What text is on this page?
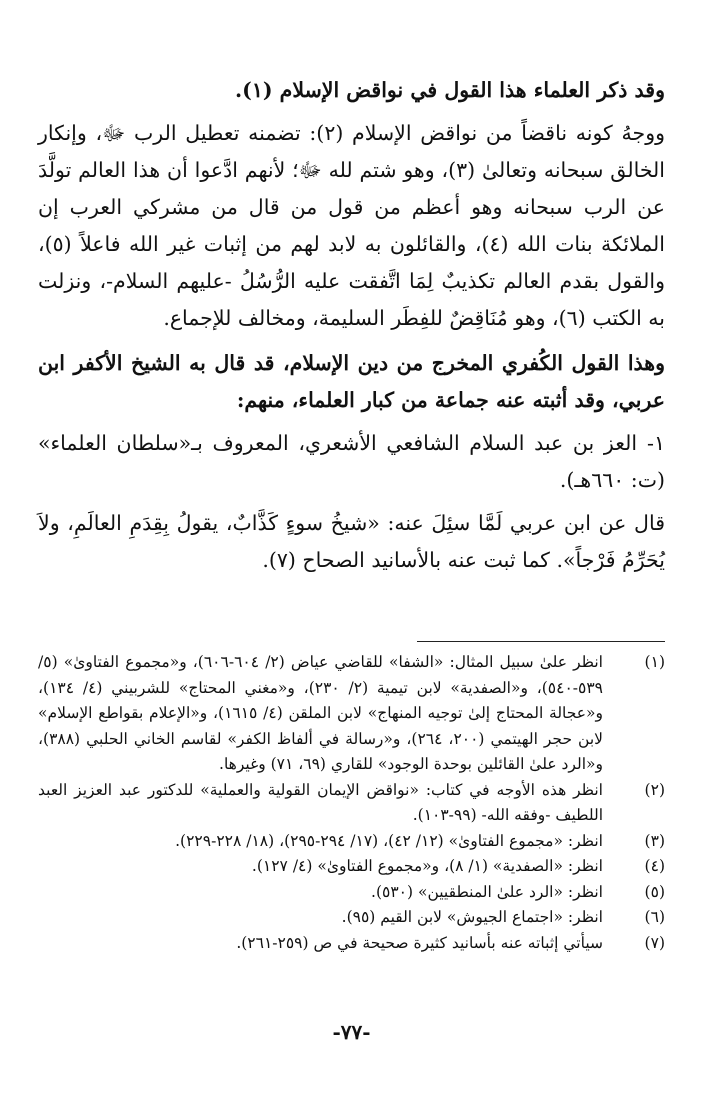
وقد ذكر العلماء هذا القول في نواقض الإسلام (١).

ووجهُ كونه ناقضاً من نواقض الإسلام (٢): تضمنه تعطيل الرب ﷻ، وإنكار الخالق سبحانه وتعالىٰ (٣)، وهو شتم لله ﷻ؛ لأنهم ادَّعوا أن هذا العالم تولَّدَ عن الرب سبحانه وهو أعظم من قول من قال من مشركي العرب إن الملائكة بنات الله (٤)، والقائلون به لابد لهم من إثبات غير الله فاعلاً (٥)، والقول بقدم العالم تكذيبٌ لِمَا اتَّفقت عليه الرُّسُلُ -عليهم السلام-، ونزلت به الكتب (٦)، وهو مُنَاقِضٌ للفِطَر السليمة، ومخالف للإجماع.

وهذا القول الكُفري المخرج من دين الإسلام، قد قال به الشيخ الأكفر ابن عربي، وقد أثبته عنه جماعة من كبار العلماء، منهم:

١-العز بن عبد السلام الشافعي الأشعري، المعروف بـ«سلطان العلماء» (ت: ٦٦٠هـ).

قال عن ابن عربي لَمَّا سئِلَ عنه: «شيخُ سوءٍ كَذَّابٌ، يقولُ بِقِدَمِ العالَمِ، ولاَ يُحَرِّمُ فَرْجاً». كما ثبت عنه بالأسانيد الصحاح (٧).

(١)
انظر علىٰ سبيل المثال: «الشفا» للقاضي عياض (٢/ ٦٠٤-٦٠٦)، و«مجموع الفتاوىٰ» (٥/ ٥٣٩-٥٤٠)، و«الصفدية» لابن تيمية (٢/ ٢٣٠)، و«مغني المحتاج» للشربيني (٤/ ١٣٤)، و«عجالة المحتاج إلىٰ توجيه المنهاج» لابن الملقن (٤/ ١٦١٥)، و«الإعلام بقواطع الإسلام» لابن حجر الهيتمي (٢٠٠، ٢٦٤)، و«رسالة في ألفاظ الكفر» لقاسم الخاني الحلبي (٣٨٨)، و«الرد علىٰ القائلين بوحدة الوجود» للقاري (٦٩، ٧١) وغيرها.
(٢)
انظر هذه الأوجه في كتاب: «نواقض الإيمان القولية والعملية» للدكتور عبد العزيز العبد اللطيف -وفقه الله- (٩٩-١٠٣).
(٣)
انظر: «مجموع الفتاوىٰ» (١٢/ ٤٢)، (١٧/ ٢٩٤-٢٩٥)، (١٨/ ٢٢٨-٢٢٩).
(٤)
انظر: «الصفدية» (١/ ٨)، و«مجموع الفتاوىٰ» (٤/ ١٢٧).
(٥)
انظر: «الرد علىٰ المنطقيين» (٥٣٠).
(٦)
انظر: «اجتماع الجيوش» لابن القيم (٩٥).
(٧)
سيأتي إثباته عنه بأسانيد كثيرة صحيحة في ص (٢٥٩-٢٦١).
-٧٧-
